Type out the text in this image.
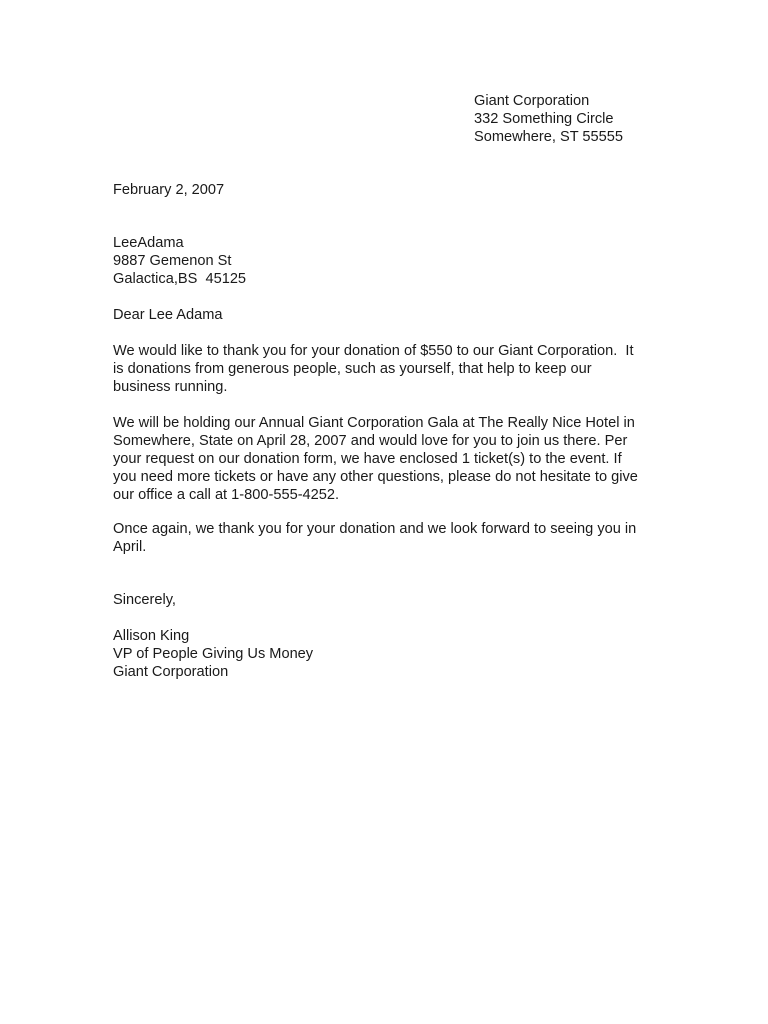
Giant Corporation
332 Something Circle
Somewhere, ST 55555
February 2, 2007
LeeAdama
9887 Gemenon St
Galactica,BS  45125
Dear Lee Adama
We would like to thank you for your donation of $550 to our Giant Corporation.  It
is donations from generous people, such as yourself, that help to keep our
business running.
We will be holding our Annual Giant Corporation Gala at The Really Nice Hotel in
Somewhere, State on April 28, 2007 and would love for you to join us there. Per
your request on our donation form, we have enclosed 1 ticket(s) to the event. If
you need more tickets or have any other questions, please do not hesitate to give
our office a call at 1-800-555-4252.
Once again, we thank you for your donation and we look forward to seeing you in
April.
Sincerely,
Allison King
VP of People Giving Us Money
Giant Corporation
